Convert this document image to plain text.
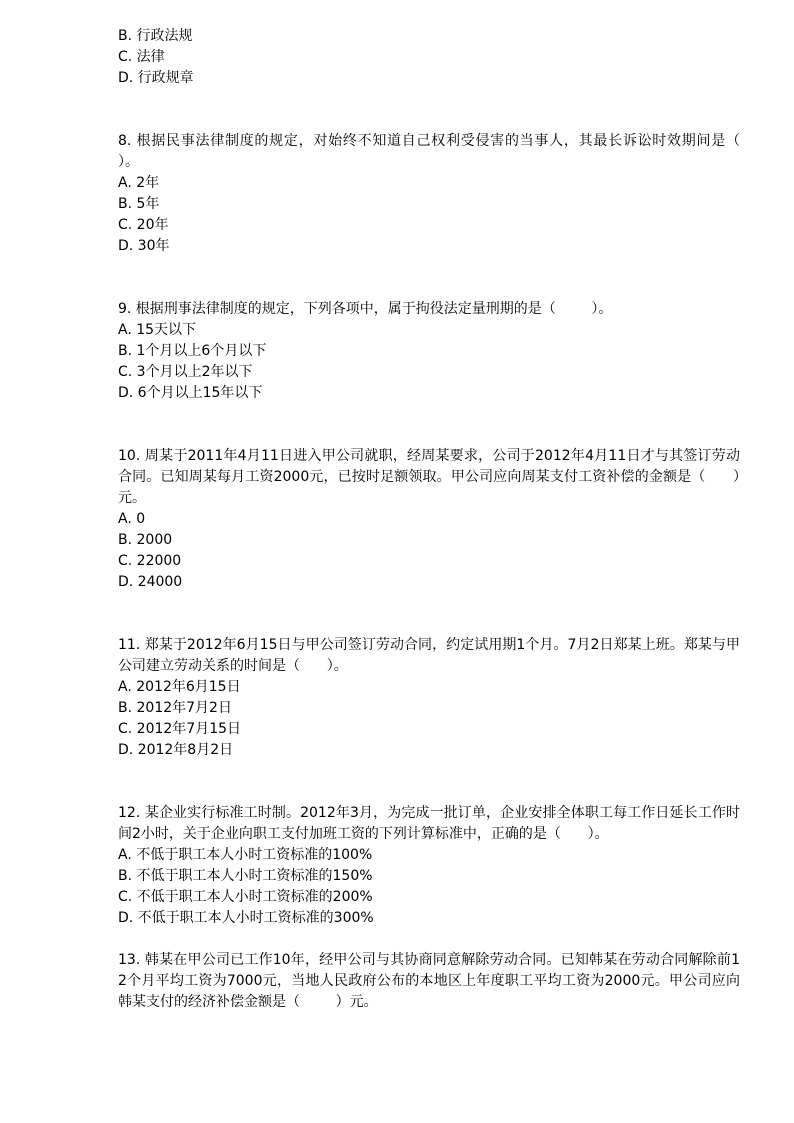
B. 行政法规
C. 法律
D. 行政规章
8. 根据民事法律制度的规定，对始终不知道自己权利受侵害的当事人，其最长诉讼时效期间是（        ）。
A. 2年
B. 5年
C. 20年
D. 30年
9. 根据刑事法律制度的规定，下列各项中，属于拘役法定量刑期的是（        ）。
A. 15天以下
B. 1个月以上6个月以下
C. 3个月以上2年以下
D. 6个月以上15年以下
10. 周某于2011年4月11日进入甲公司就职，经周某要求，公司于2012年4月11日才与其签订劳动合同。已知周某每月工资2000元，已按时足额领取。甲公司应向周某支付工资补偿的金额是（      ）元。
A. 0
B. 2000
C. 22000
D. 24000
11. 郑某于2012年6月15日与甲公司签订劳动合同，约定试用期1个月。7月2日郑某上班。郑某与甲公司建立劳动关系的时间是（      ）。
A. 2012年6月15日
B. 2012年7月2日
C. 2012年7月15日
D. 2012年8月2日
12. 某企业实行标准工时制。2012年3月，为完成一批订单，企业安排全体职工每工作日延长工作时间2小时，关于企业向职工支付加班工资的下列计算标准中，正确的是（      ）。
A. 不低于职工本人小时工资标准的100%
B. 不低于职工本人小时工资标准的150%
C. 不低于职工本人小时工资标准的200%
D. 不低于职工本人小时工资标准的300%
13. 韩某在甲公司已工作10年，经甲公司与其协商同意解除劳动合同。已知韩某在劳动合同解除前12个月平均工资为7000元，当地人民政府公布的本地区上年度职工平均工资为2000元。甲公司应向韩某支付的经济补偿金额是（        ）元。
